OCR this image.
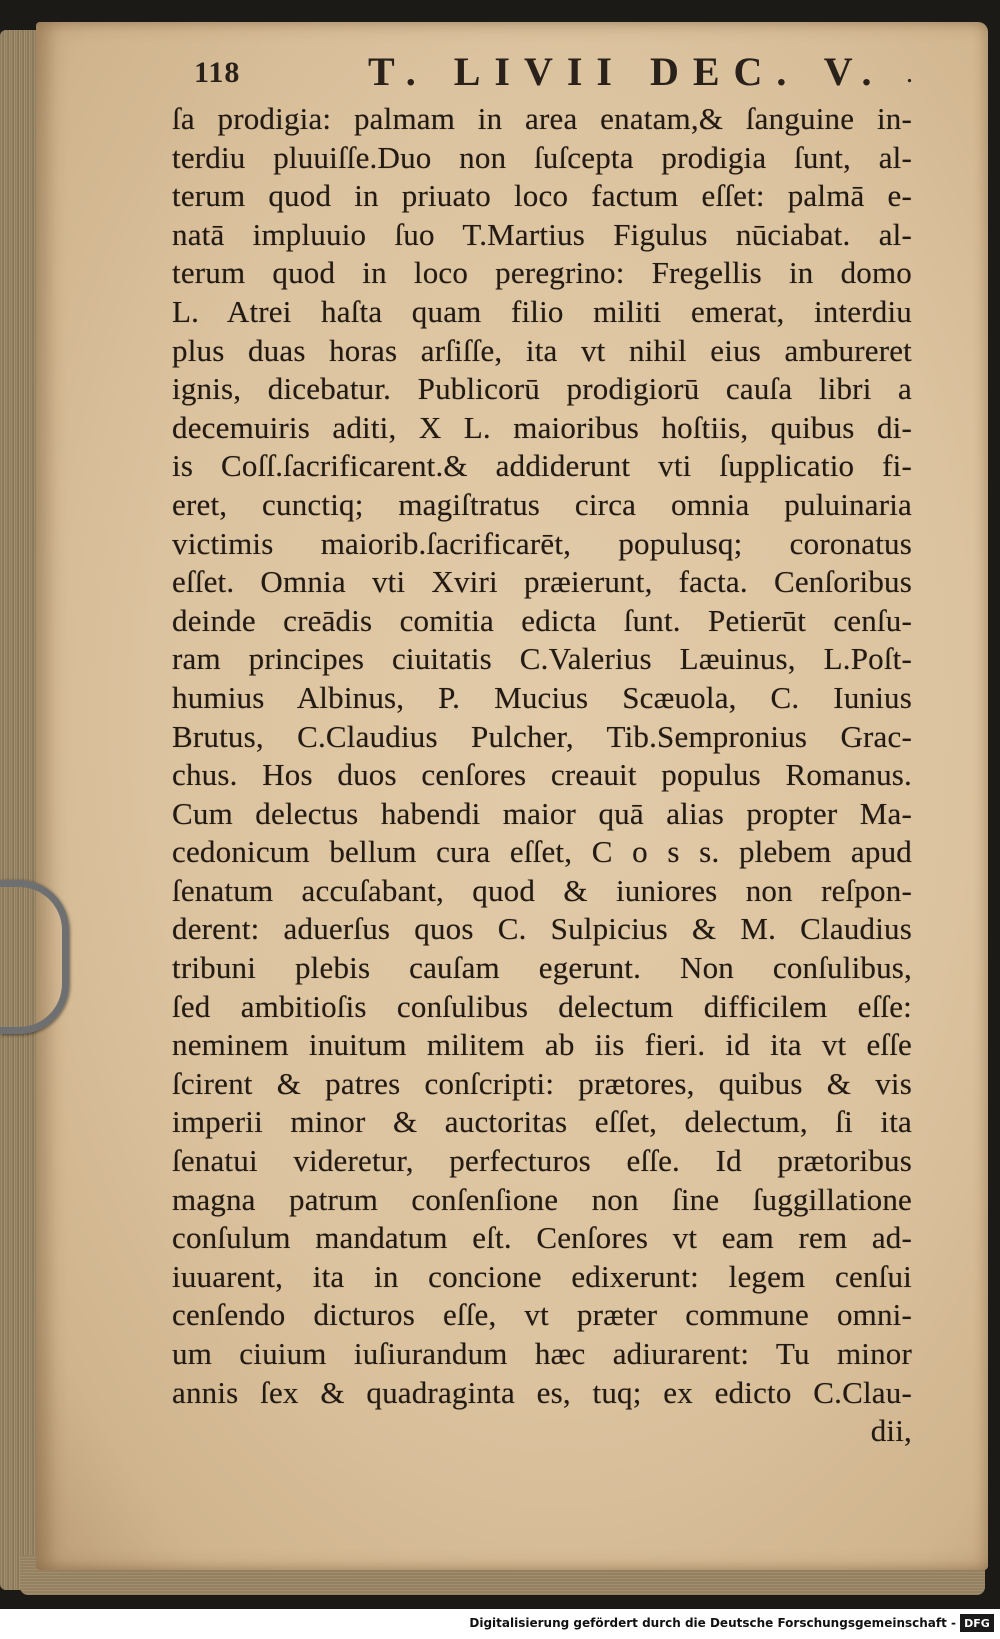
118	T. LIVII DEC. V. .
ſa prodigia: palmam in area enatam,& ſanguine in-
terdiu pluuiſſe.Duo non ſuſcepta prodigia ſunt, al-
terum quod in priuato loco factum eſſet: palmā e-
natā impluuio ſuo T.Martius Figulus nūciabat. al-
terum quod in loco peregrino: Fregellis in domo
L. Atrei haſta quam filio militi emerat, interdiu
plus duas horas arſiſſe, ita vt nihil eius ambureret
ignis, dicebatur. Publicorū prodigiorū cauſa libri a
decemuiris aditi, X L. maioribus hoſtiis, quibus di-
is Coſſ.ſacrificarent.& addiderunt vti ſupplicatio fi-
eret, cunctiq; magiſtratus circa omnia puluinaria
victimis maiorib.ſacrificarēt, populusq; coronatus
eſſet. Omnia vti Xviri præierunt, facta. Cenſoribus
deinde creādis comitia edicta ſunt. Petierūt cenſu-
ram principes ciuitatis C.Valerius Læuinus, L.Poſt-
humius Albinus, P. Mucius Scæuola, C. Iunius
Brutus, C.Claudius Pulcher, Tib.Sempronius Grac-
chus. Hos duos cenſores creauit populus Romanus.
Cum delectus habendi maior quā alias propter Ma-
cedonicum bellum cura eſſet, C o s s. plebem apud
ſenatum accuſabant, quod & iuniores non reſpon-
derent: aduerſus quos C. Sulpicius & M. Claudius
tribuni plebis cauſam egerunt. Non conſulibus,
ſed ambitioſis conſulibus delectum difficilem eſſe:
neminem inuitum militem ab iis fieri. id ita vt eſſe
ſcirent & patres conſcripti: prætores, quibus & vis
imperii minor & auctoritas eſſet, delectum, ſi ita
ſenatui videretur, perfecturos eſſe. Id prætoribus
magna patrum conſenſione non ſine ſuggillatione
conſulum mandatum eſt. Cenſores vt eam rem ad-
iuuarent, ita in concione edixerunt: legem cenſui
cenſendo dicturos eſſe, vt præter commune omni-
um ciuium iuſiurandum hæc adiurarent: Tu minor
annis ſex & quadraginta es, tuq; ex edicto C.Clau-
dii,
Digitalisierung gefördert durch die Deutsche Forschungsgemeinschaft - DFG
